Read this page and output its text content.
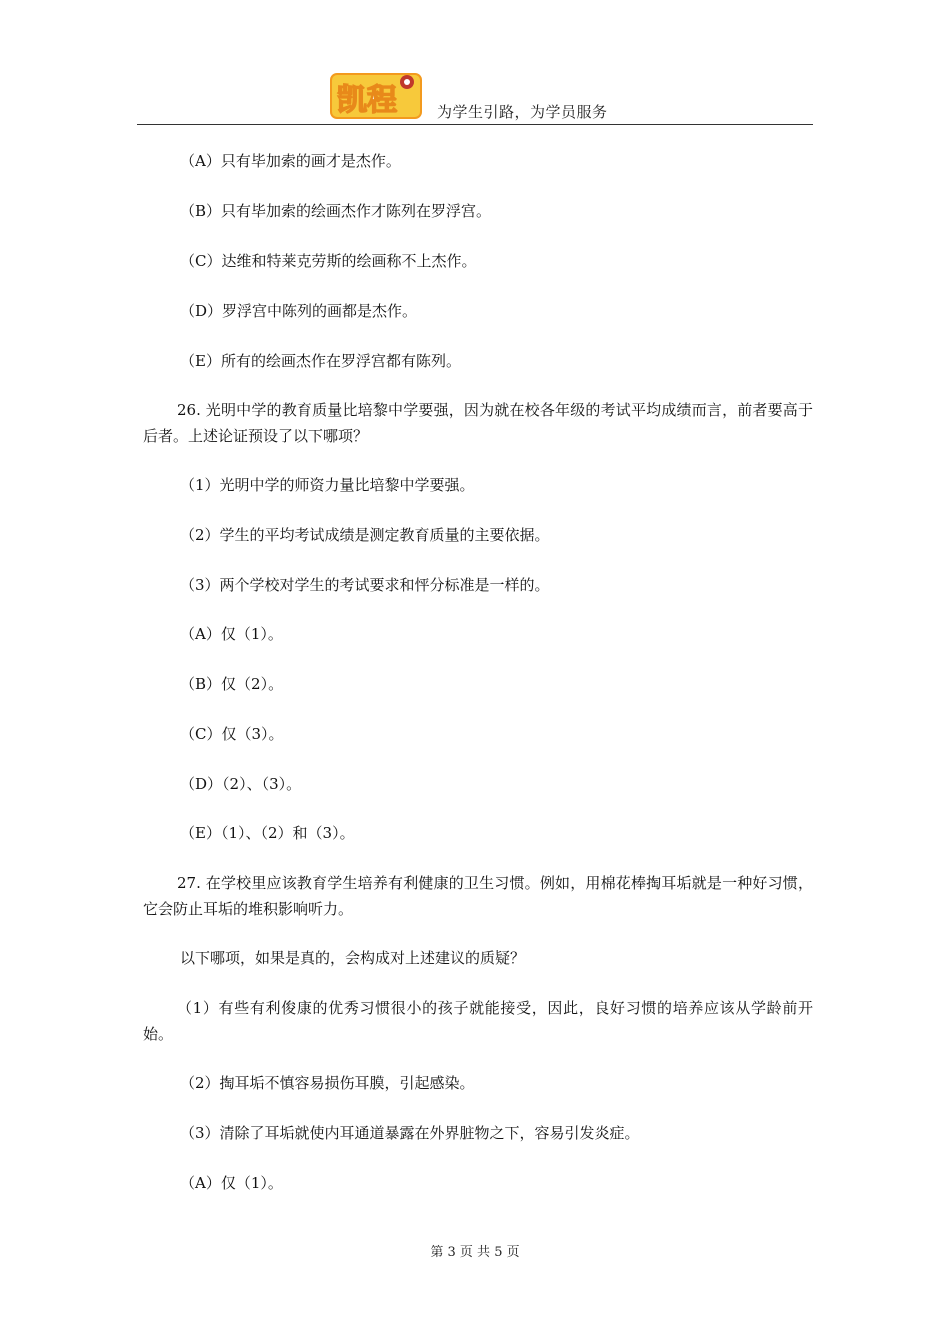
凯程	为学生引路，为学员服务
（A）只有毕加索的画才是杰作。
（B）只有毕加索的绘画杰作才陈列在罗浮宫。
（C）达维和特莱克劳斯的绘画称不上杰作。
（D）罗浮宫中陈列的画都是杰作。
（E）所有的绘画杰作在罗浮宫都有陈列。
26. 光明中学的教育质量比培黎中学要强，因为就在校各年级的考试平均成绩而言，前者要高于后者。上述论证预设了以下哪项？
（1）光明中学的师资力量比培黎中学要强。
（2）学生的平均考试成绩是测定教育质量的主要依据。
（3）两个学校对学生的考试要求和怦分标准是一样的。
（A）仅（1）。
（B）仅（2）。
（C）仅（3）。
（D）（2）、（3）。
（E）（1）、（2）和（3）。
27. 在学校里应该教育学生培养有利健康的卫生习惯。例如，用棉花棒掏耳垢就是一种好习惯，它会防止耳垢的堆积影响听力。
以下哪项，如果是真的，会构成对上述建议的质疑？
（1）有些有利俊康的优秀习惯很小的孩子就能接受，因此，良好习惯的培养应该从学龄前开始。
（2）掏耳垢不慎容易损伤耳膜，引起感染。
（3）清除了耳垢就使内耳通道暴露在外界脏物之下，容易引发炎症。
（A）仅（1）。
第 3 页 共 5 页
